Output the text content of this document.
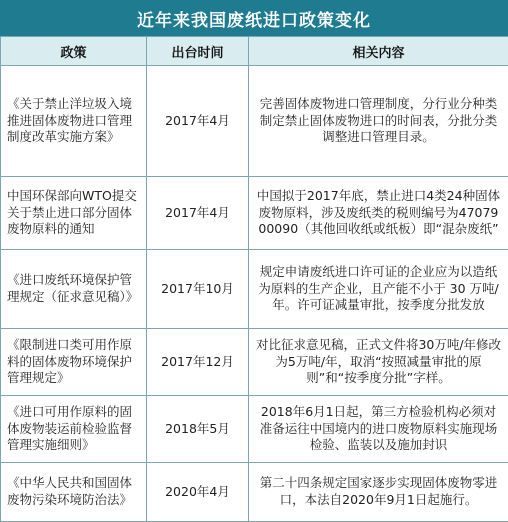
近年来我国废纸进口政策变化
政策	出台时间	相关内容
《关于禁止洋垃圾入境推进固体废物进口管理制度改革实施方案》	2017年4月	完善固体废物进口管理制度，分行业分种类制定禁止固体废物进口的时间表，分批分类调整进口管理目录。
中国环保部向WTO提交关于禁止进口部分固体废物原料的通知	2017年4月	中国拟于2017年底，禁止进口4类24种固体废物原料，涉及废纸类的税则编号为4707900090（其他回收纸或纸板）即“混杂废纸”
《进口废纸环境保护管理规定（征求意见稿）》	2017年10月	规定申请废纸进口许可证的企业应为以造纸为原料的生产企业，且产能不小于 30 万吨/年。许可证减量审批，按季度分批发放
《限制进口类可用作原料的固体废物环境保护管理规定》	2017年12月	对比征求意见稿，正式文件将30万吨/年修改为5万吨/年，取消“按照减量审批的原则”和“按季度分批”字样。
《进口可用作原料的固体废物装运前检验监督管理实施细则》	2018年5月	2018年6月1日起，第三方检验机构必须对准备运往中国境内的进口废物原料实施现场检验、监装以及施加封识
《中华人民共和国固体废物污染环境防治法》	2020年4月	第二十四条规定国家逐步实现固体废物零进口，本法自2020年9月1日起施行。
